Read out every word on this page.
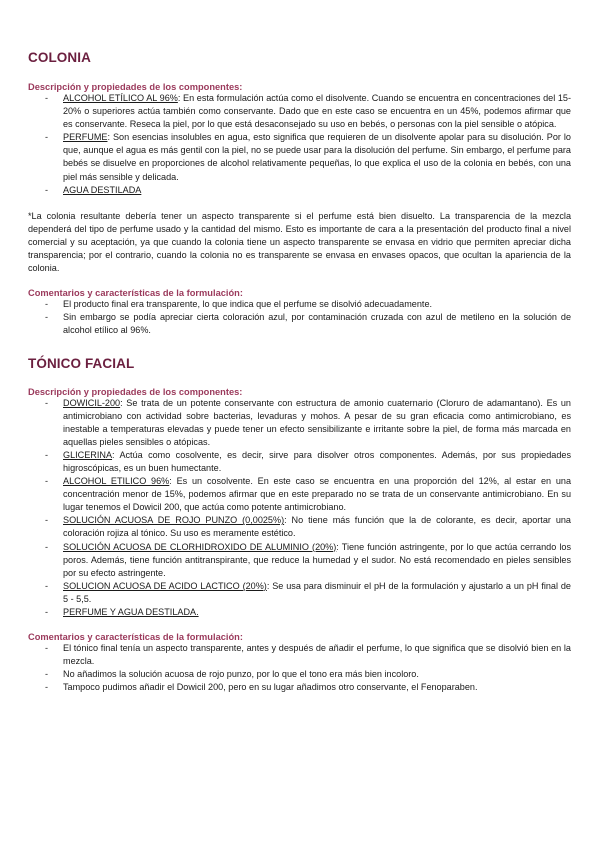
COLONIA
Descripción y propiedades de los componentes:
- ALCOHOL ETÍLICO AL 96%: En esta formulación actúa como el disolvente. Cuando se encuentra en concentraciones del 15-20% o superiores actúa también como conservante. Dado que en este caso se encuentra en un 45%, podemos afirmar que es conservante. Reseca la piel, por lo que está desaconsejado su uso en bebés, o personas con la piel sensible o atópica.
- PERFUME: Son esencias insolubles en agua, esto significa que requieren de un disolvente apolar para su disolución. Por lo que, aunque el agua es más gentil con la piel, no se puede usar para la disolución del perfume. Sin embargo, el perfume para bebés se disuelve en proporciones de alcohol relativamente pequeñas, lo que explica el uso de la colonia en bebés, con una piel más sensible y delicada.
- AGUA DESTILADA

*La colonia resultante debería tener un aspecto transparente si el perfume está bien disuelto. La transparencia de la mezcla dependerá del tipo de perfume usado y la cantidad del mismo. Esto es importante de cara a la presentación del producto final a nivel comercial y su aceptación, ya que cuando la colonia tiene un aspecto transparente se envasa en vidrio que permiten apreciar dicha transparencia; por el contrario, cuando la colonia no es transparente se envasa en envases opacos, que ocultan la apariencia de la colonia.

Comentarios y características de la formulación:
- El producto final era transparente, lo que indica que el perfume se disolvió adecuadamente.
- Sin embargo se podía apreciar cierta coloración azul, por contaminación cruzada con azul de metileno en la solución de alcohol etílico al 96%.
TÓNICO FACIAL
Descripción y propiedades de los componentes:
- DOWICIL-200: Se trata de un potente conservante con estructura de amonio cuaternario (Cloruro de adamantano). Es un antimicrobiano con actividad sobre bacterias, levaduras y mohos. A pesar de su gran eficacia como antimicrobiano, es inestable a temperaturas elevadas y puede tener un efecto sensibilizante e irritante sobre la piel, de forma más marcada en aquellas pieles sensibles o atópicas.
- GLICERINA: Actúa como cosolvente, es decir, sirve para disolver otros componentes. Además, por sus propiedades higroscópicas, es un buen humectante.
- ALCOHOL ETILICO 96%: Es un cosolvente. En este caso se encuentra en una proporción del 12%, al estar en una concentración menor de 15%, podemos afirmar que en este preparado no se trata de un conservante antimicrobiano. En su lugar tenemos el Dowicil 200, que actúa como potente antimicrobiano.
- SOLUCIÓN ACUOSA DE ROJO PUNZO (0,0025%): No tiene más función que la de colorante, es decir, aportar una coloración rojiza al tónico. Su uso es meramente estético.
- SOLUCIÓN ACUOSA DE CLORHIDROXIDO DE ALUMINIO (20%): Tiene función astringente, por lo que actúa cerrando los poros. Además, tiene función antitranspirante, que reduce la humedad y el sudor. No está recomendado en pieles sensibles por su efecto astringente.
- SOLUCION ACUOSA DE ACIDO LACTICO (20%): Se usa para disminuir el pH de la formulación y ajustarlo a un pH final de 5 - 5,5.
- PERFUME Y AGUA DESTILADA.
Comentarios y características de la formulación:
- El tónico final tenía un aspecto transparente, antes y después de añadir el perfume, lo que significa que se disolvió bien en la mezcla.
- No añadimos la solución acuosa de rojo punzo, por lo que el tono era más bien incoloro.
- Tampoco pudimos añadir el Dowicil 200, pero en su lugar añadimos otro conservante, el Fenoparaben.
